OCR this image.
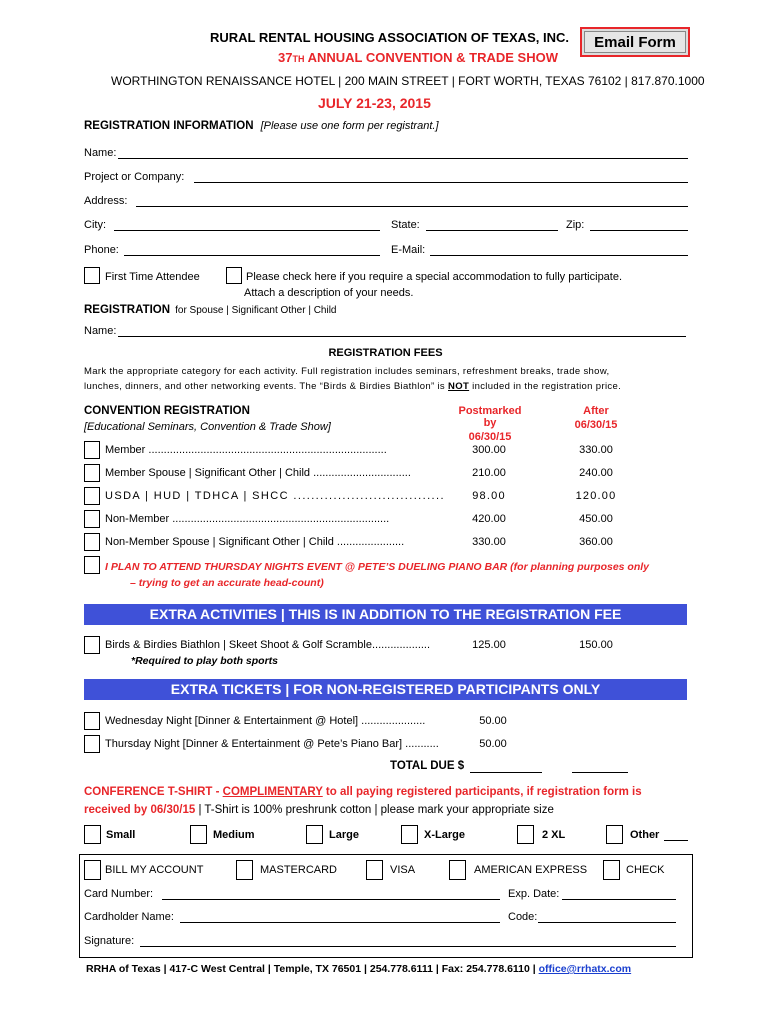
RURAL RENTAL HOUSING ASSOCIATION OF TEXAS, INC.	Email Form
37TH ANNUAL CONVENTION & TRADE SHOW
WORTHINGTON RENAISSANCE HOTEL | 200 MAIN STREET | FORT WORTH, TEXAS 76102 | 817.870.1000
JULY 21-23, 2015
REGISTRATION INFORMATION [Please use one form per registrant.]
Name:
Project or Company:
Address:
City:	State:	Zip:
Phone:	E-Mail:
First Time Attendee	Please check here if you require a special accommodation to fully participate.
Attach a description of your needs.
REGISTRATION for Spouse | Significant Other | Child
Name:
REGISTRATION FEES
Mark the appropriate category for each activity. Full registration includes seminars, refreshment breaks, trade show,
lunches, dinners, and other networking events. The “Birds & Birdies Biathlon” is NOT included in the registration price.
CONVENTION REGISTRATION
[Educational Seminars, Convention & Trade Show]
Postmarked by
06/30/15
After
06/30/15
Member ..............................................................................	300.00	330.00
Member Spouse | Significant Other | Child ................................	210.00	240.00
USDA | HUD | TDHCA | SHCC ..................................	98.00	120.00
Non-Member .......................................................................	420.00	450.00
Non-Member Spouse | Significant Other | Child ......................	330.00	360.00
I PLAN TO ATTEND THURSDAY NIGHTS EVENT @ PETE’S DUELING PIANO BAR (for planning purposes only
– trying to get an accurate head-count)
EXTRA ACTIVITIES | THIS IS IN ADDITION TO THE REGISTRATION FEE
Birds & Birdies Biathlon | Skeet Shoot & Golf Scramble...................	125.00	150.00
*Required to play both sports
EXTRA TICKETS | FOR NON-REGISTERED PARTICIPANTS ONLY
Wednesday Night [Dinner & Entertainment @ Hotel] .....................	50.00
Thursday Night [Dinner & Entertainment @ Pete’s Piano Bar] ...........	50.00
TOTAL DUE $
CONFERENCE T-SHIRT - COMPLIMENTARY to all paying registered participants, if registration form is
received by 06/30/15 | T-Shirt is 100% preshrunk cotton | please mark your appropriate size
Small	Medium	Large	X-Large	2 XL	Other
BILL MY ACCOUNT	MASTERCARD	VISA	AMERICAN EXPRESS	CHECK
Card Number:	Exp. Date:
Cardholder Name:	Code:
Signature:
RRHA of Texas | 417-C West Central | Temple, TX 76501 | 254.778.6111 | Fax: 254.778.6110 | office@rrhatx.com
